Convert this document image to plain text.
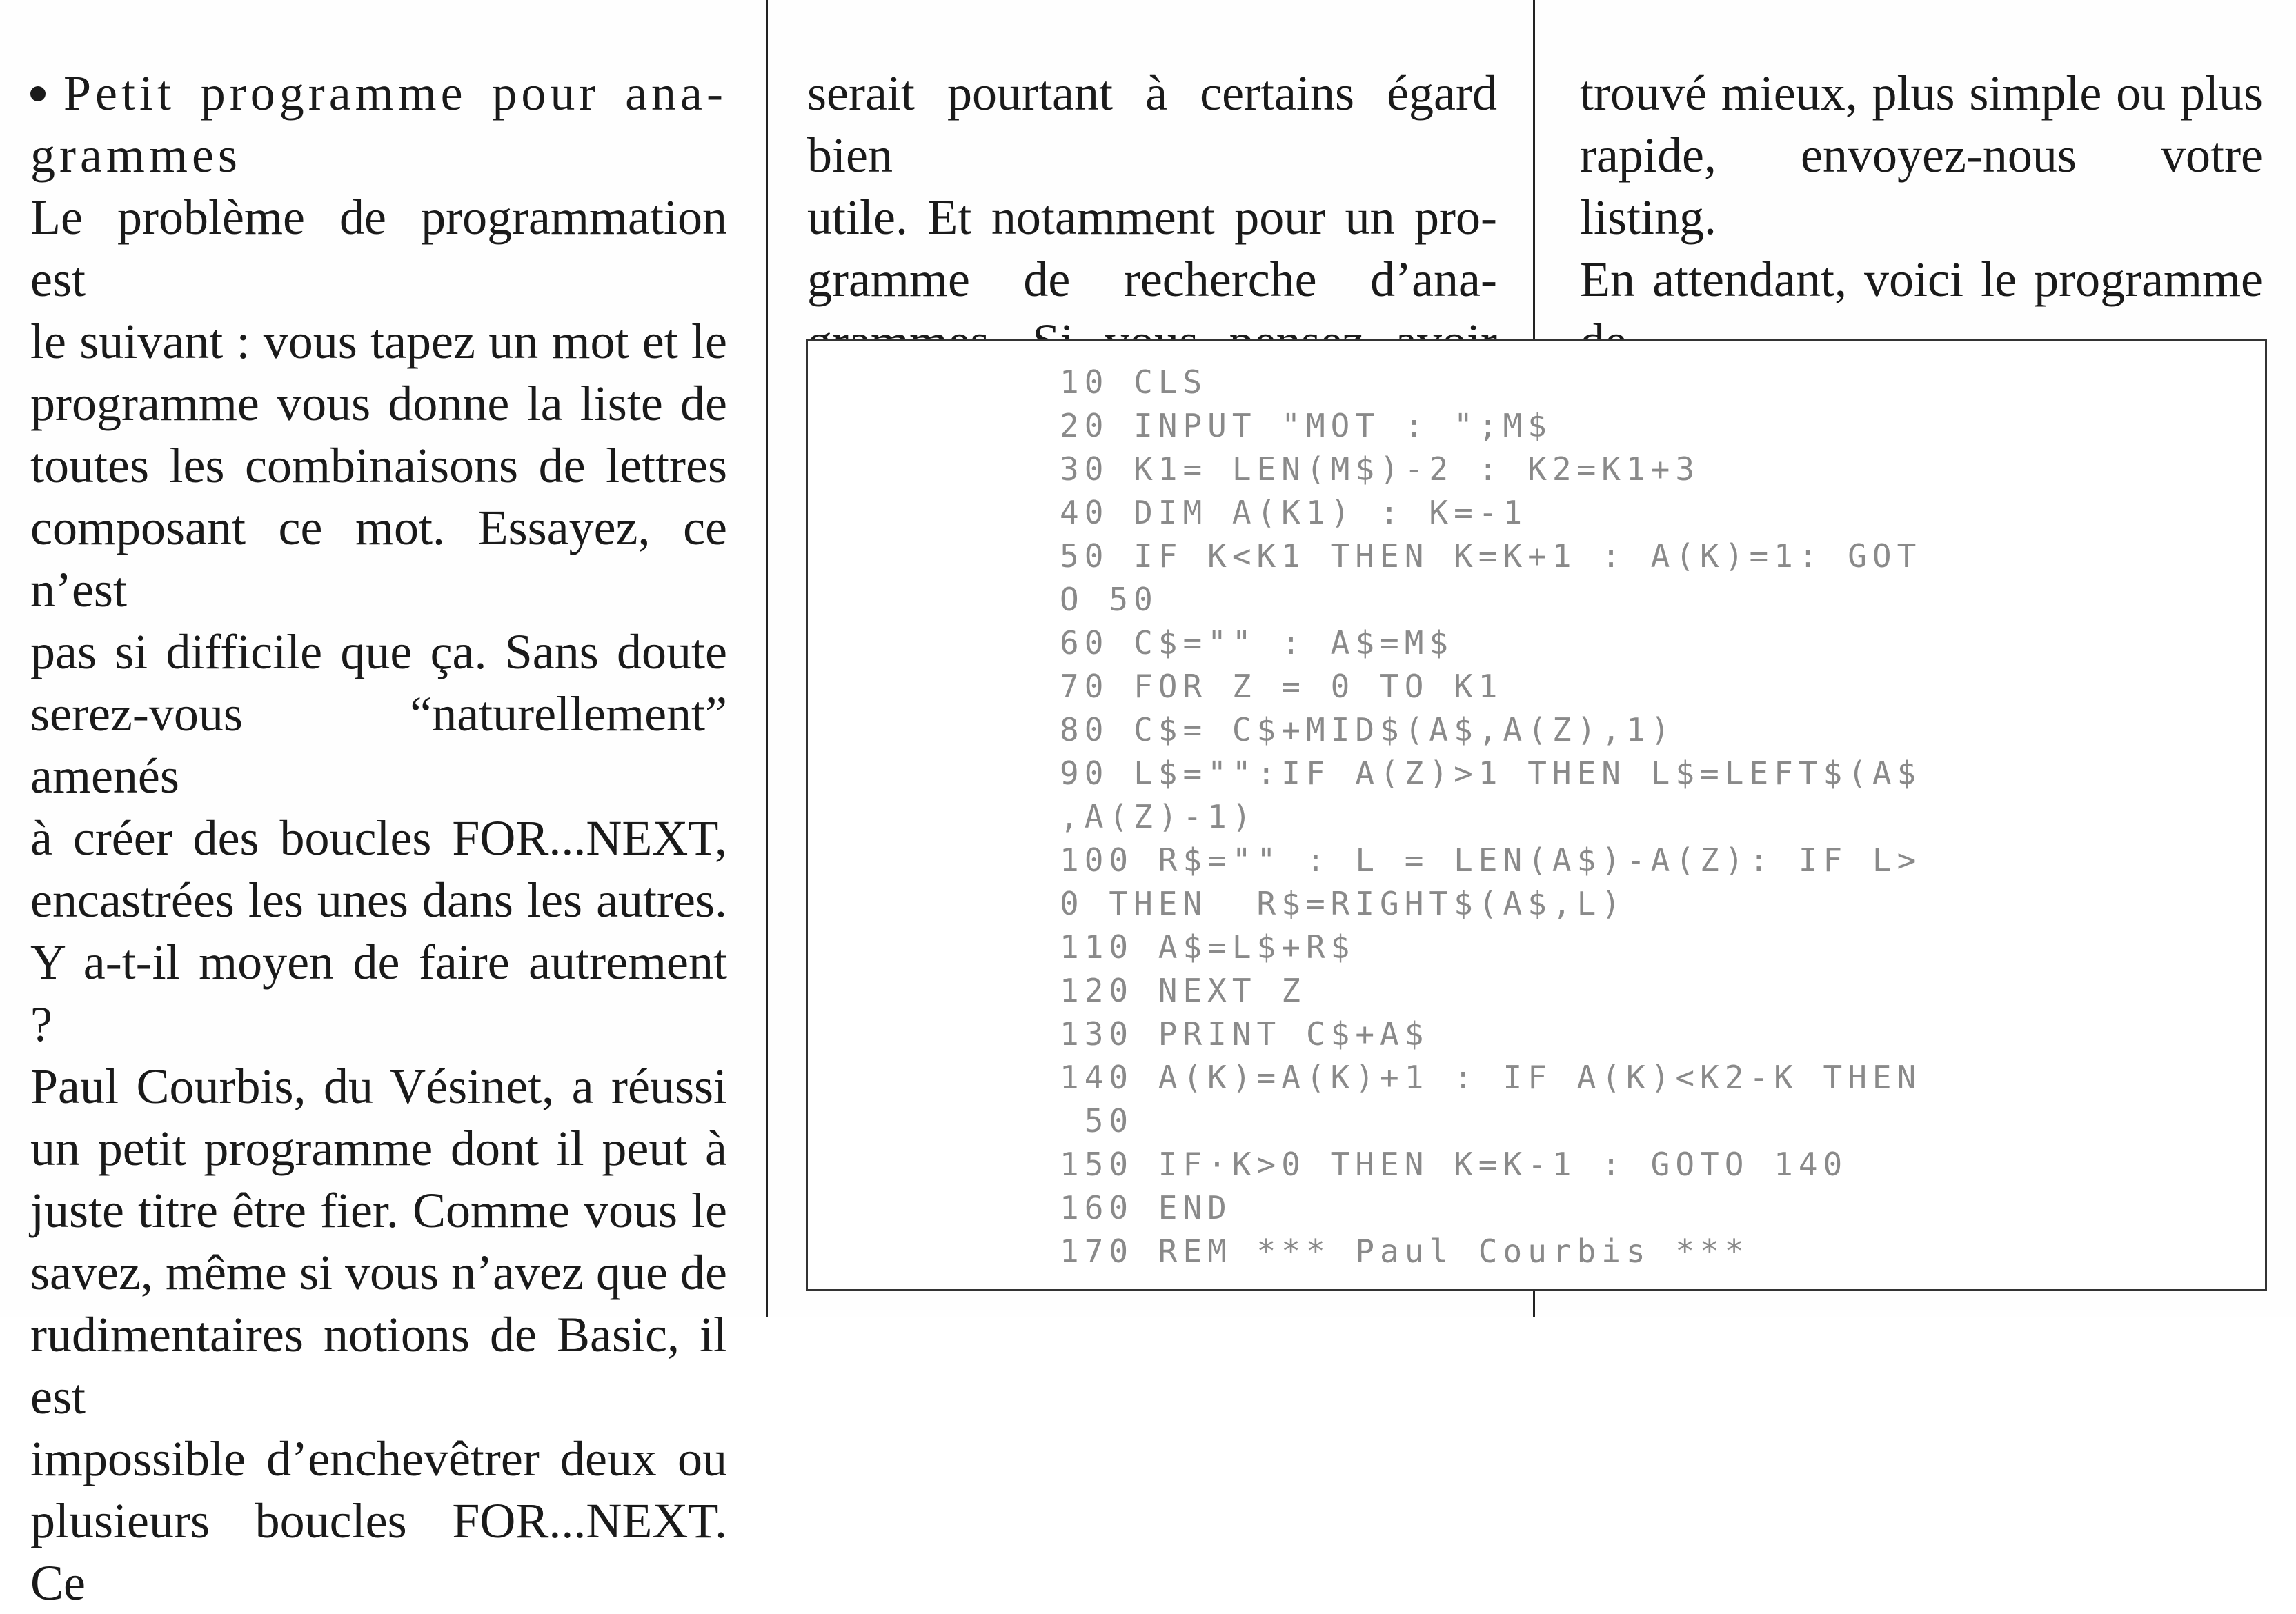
Petit programme pour ana-
grammes
Le problème de programmation est
le suivant : vous tapez un mot et le
programme vous donne la liste de
toutes les combinaisons de lettres
composant ce mot. Essayez, ce n’est
pas si difficile que ça. Sans doute
serez-vous “naturellement” amenés
à créer des boucles FOR...NEXT,
encastrées les unes dans les autres.
Y a-t-il moyen de faire autrement ?
Paul Courbis, du Vésinet, a réussi
un petit programme dont il peut à
juste titre être fier. Comme vous le
savez, même si vous n’avez que de
rudimentaires notions de Basic, il est
impossible d’enchevêtrer deux ou
plusieurs boucles FOR...NEXT. Ce
serait pourtant à certains égard bien
utile. Et notamment pour un pro-
gramme de recherche d’ana-
trouvé mieux, plus simple ou plus
rapide, envoyez-nous votre listing.
En attendant, voici le programme
10 CLS
20 INPUT "MOT : ";M$
30 K1= LEN(M$)-2 : K2=K1+3
40 DIM A(K1) : K=-1
50 IF K<K1 THEN K=K+1 : A(K)=1: GOT
O 50
60 C$="" : A$=M$
70 FOR Z = 0 TO K1
80 C$= C$+MID$(A$,A(Z),1)
90 L$="":IF A(Z)>1 THEN L$=LEFT$(A$
,A(Z)-1)
100 R$="" : L = LEN(A$)-A(Z): IF L>
0 THEN  R$=RIGHT$(A$,L)
110 A$=L$+R$
120 NEXT Z
130 PRINT C$+A$
140 A(K)=A(K)+1 : IF A(K)<K2-K THEN
50
150 IF·K>0 THEN K=K-1 : GOTO 140
160 END
170 REM *** Paul Courbis ***
